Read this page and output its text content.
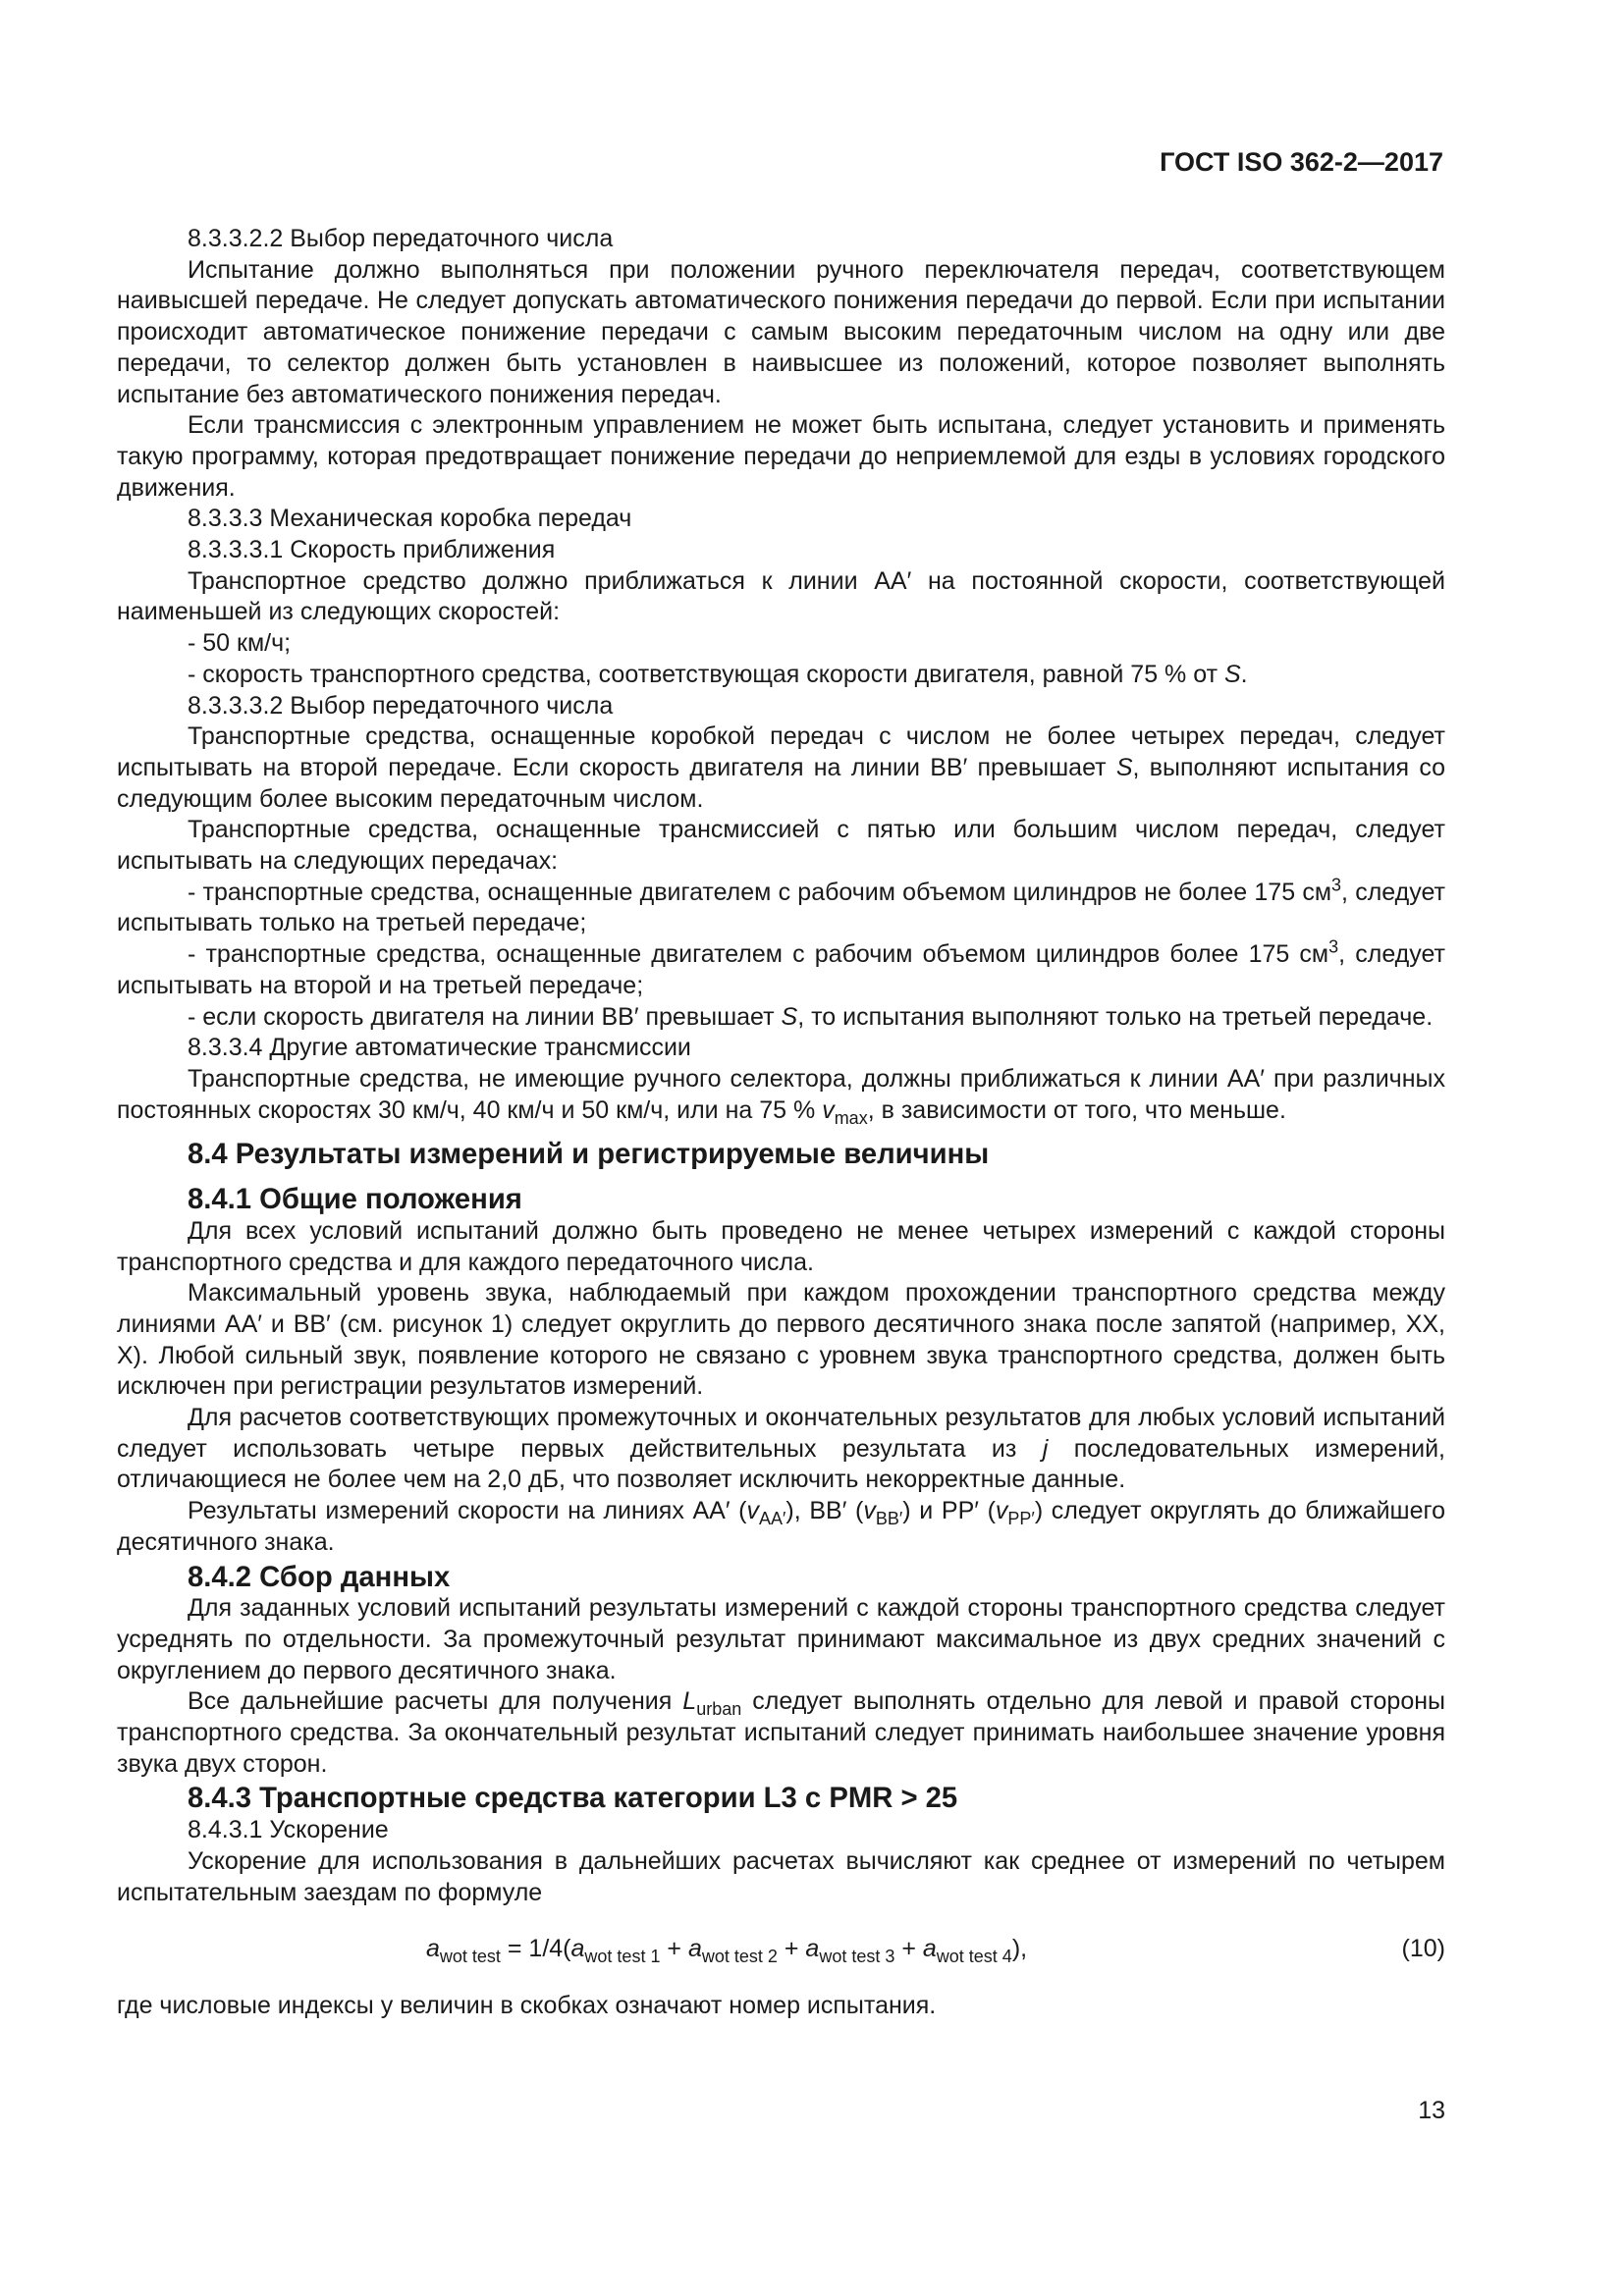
ГОСТ ISO 362-2—2017

8.3.3.2.2 Выбор передаточного числа

Испытание должно выполняться при положении ручного переключателя передач, соответствующем наивысшей передаче. Не следует допускать автоматического понижения передачи до первой. Если при испытании происходит автоматическое понижение передачи с самым высоким передаточным числом на одну или две передачи, то селектор должен быть установлен в наивысшее из положений, которое позволяет выполнять испытание без автоматического понижения передач.

Если трансмиссия с электронным управлением не может быть испытана, следует установить и применять такую программу, которая предотвращает понижение передачи до неприемлемой для езды в условиях городского движения.

8.3.3.3 Механическая коробка передач

8.3.3.3.1 Скорость приближения

Транспортное средство должно приближаться к линии AA′ на постоянной скорости, соответствующей наименьшей из следующих скоростей:

- 50 км/ч;

- скорость транспортного средства, соответствующая скорости двигателя, равной 75 % от S.

8.3.3.3.2 Выбор передаточного числа

Транспортные средства, оснащенные коробкой передач с числом не более четырех передач, следует испытывать на второй передаче. Если скорость двигателя на линии BB′ превышает S, выполняют испытания со следующим более высоким передаточным числом.

Транспортные средства, оснащенные трансмиссией с пятью или большим числом передач, следует испытывать на следующих передачах:

- транспортные средства, оснащенные двигателем с рабочим объемом цилиндров не более 175 $см^3$, следует испытывать только на третьей передаче;

- транспортные средства, оснащенные двигателем с рабочим объемом цилиндров более 175 $см^3$, следует испытывать на второй и на третьей передаче;

- если скорость двигателя на линии BB′ превышает S, то испытания выполняют только на третьей передаче.

8.3.3.4 Другие автоматические трансмиссии

Транспортные средства, не имеющие ручного селектора, должны приближаться к линии AA′ при различных постоянных скоростях 30 км/ч, 40 км/ч и 50 км/ч, или на 75 % $v_{max}$, в зависимости от того, что меньше.

8.4 Результаты измерений и регистрируемые величины
8.4.1 Общие положения

Для всех условий испытаний должно быть проведено не менее четырех измерений с каждой стороны транспортного средства и для каждого передаточного числа.

Максимальный уровень звука, наблюдаемый при каждом прохождении транспортного средства между линиями AA′ и BB′ (см. рисунок 1) следует округлить до первого десятичного знака после запятой (например, XX, X). Любой сильный звук, появление которого не связано с уровнем звука транспортного средства, должен быть исключен при регистрации результатов измерений.

Для расчетов соответствующих промежуточных и окончательных результатов для любых условий испытаний следует использовать четыре первых действительных результата из j последовательных измерений, отличающиеся не более чем на 2,0 дБ, что позволяет исключить некорректные данные.

Результаты измерений скорости на линиях AA′ $(v_{AA'})$, BB′ $(v_{BB'})$ и PP′ $(v_{PP'})$ следует округлять до ближайшего десятичного знака.

8.4.2 Сбор данных

Для заданных условий испытаний результаты измерений с каждой стороны транспортного средства следует усреднять по отдельности. За промежуточный результат принимают максимальное из двух средних значений с округлением до первого десятичного знака.

Все дальнейшие расчеты для получения $L_{urban}$ следует выполнять отдельно для левой и правой стороны транспортного средства. За окончательный результат испытаний следует принимать наибольшее значение уровня звука двух сторон.

8.4.3 Транспортные средства категории L3 с PMR > 25

8.4.3.1 Ускорение

Ускорение для использования в дальнейших расчетах вычисляют как среднее от измерений по четырем испытательным заездам по формуле

$a_{wot test} = 1/4(a_{wot test 1} + a_{wot test 2} + a_{wot test 3} + a_{wot test 4})$,	(10)

где числовые индексы у величин в скобках означают номер испытания.

13
